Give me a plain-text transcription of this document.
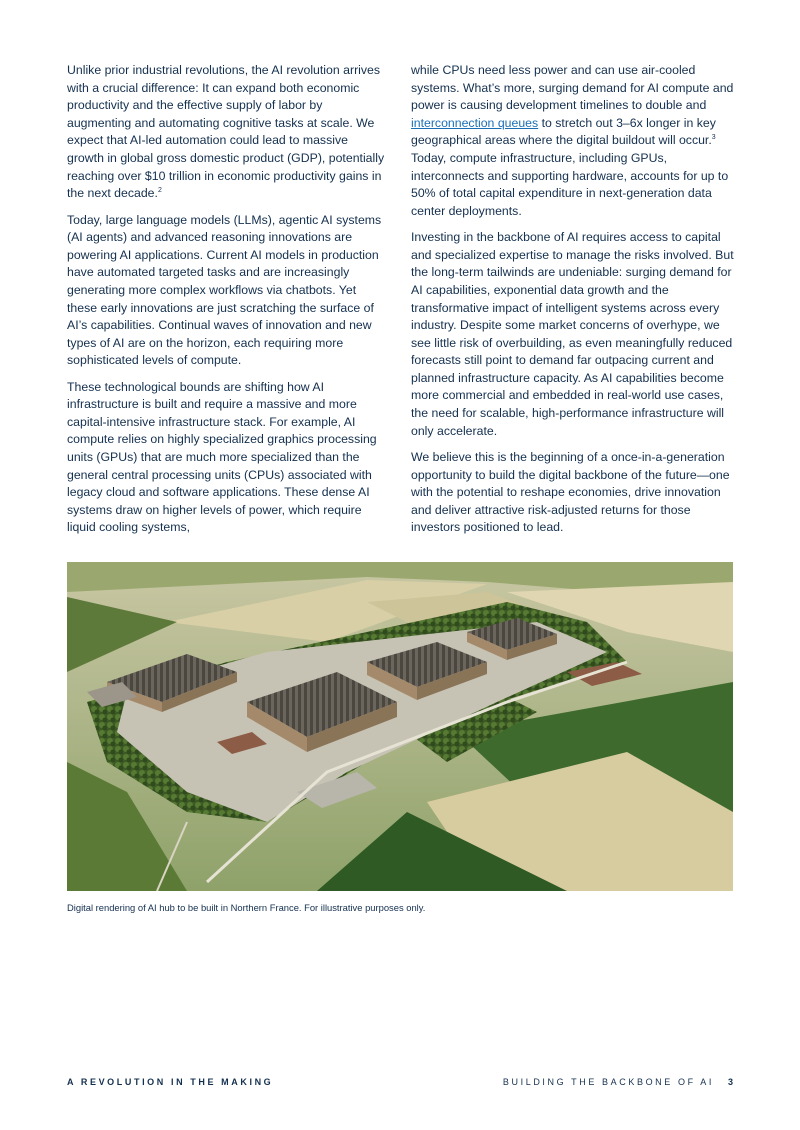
Unlike prior industrial revolutions, the AI revolution arrives with a crucial difference: It can expand both economic productivity and the effective supply of labor by augmenting and automating cognitive tasks at scale. We expect that AI-led automation could lead to massive growth in global gross domestic product (GDP), potentially reaching over $10 trillion in economic productivity gains in the next decade.$^2$

Today, large language models (LLMs), agentic AI systems (AI agents) and advanced reasoning innovations are powering AI applications. Current AI models in production have automated targeted tasks and are increasingly generating more complex workflows via chatbots. Yet these early innovations are just scratching the surface of AI’s capabilities. Continual waves of innovation and new types of AI are on the horizon, each requiring more sophisticated levels of compute.

These technological bounds are shifting how AI infrastructure is built and require a massive and more capital-intensive infrastructure stack. For example, AI compute relies on highly specialized graphics processing units (GPUs) that are much more specialized than the general central processing units (CPUs) associated with legacy cloud and software applications. These dense AI systems draw on higher levels of power, which require liquid cooling systems,

while CPUs need less power and can use air-cooled systems. What’s more, surging demand for AI compute and power is causing development timelines to double and interconnection queues to stretch out 3–6x longer in key geographical areas where the digital buildout will occur.$^3$ Today, compute infrastructure, including GPUs, interconnects and supporting hardware, accounts for up to 50% of total capital expenditure in next-generation data center deployments.

Investing in the backbone of AI requires access to capital and specialized expertise to manage the risks involved. But the long-term tailwinds are undeniable: surging demand for AI capabilities, exponential data growth and the transformative impact of intelligent systems across every industry. Despite some market concerns of overhype, we see little risk of overbuilding, as even meaningfully reduced forecasts still point to demand far outpacing current and planned infrastructure capacity. As AI capabilities become more commercial and embedded in real-world use cases, the need for scalable, high-performance infrastructure will only accelerate.

We believe this is the beginning of a once-in-a-generation opportunity to build the digital backbone of the future—one with the potential to reshape economies, drive innovation and deliver attractive risk-adjusted returns for those investors positioned to lead.

Digital rendering of AI hub to be built in Northern France. For illustrative purposes only.
A REVOLUTION IN THE MAKING	BUILDING THE BACKBONE OF AI 3
